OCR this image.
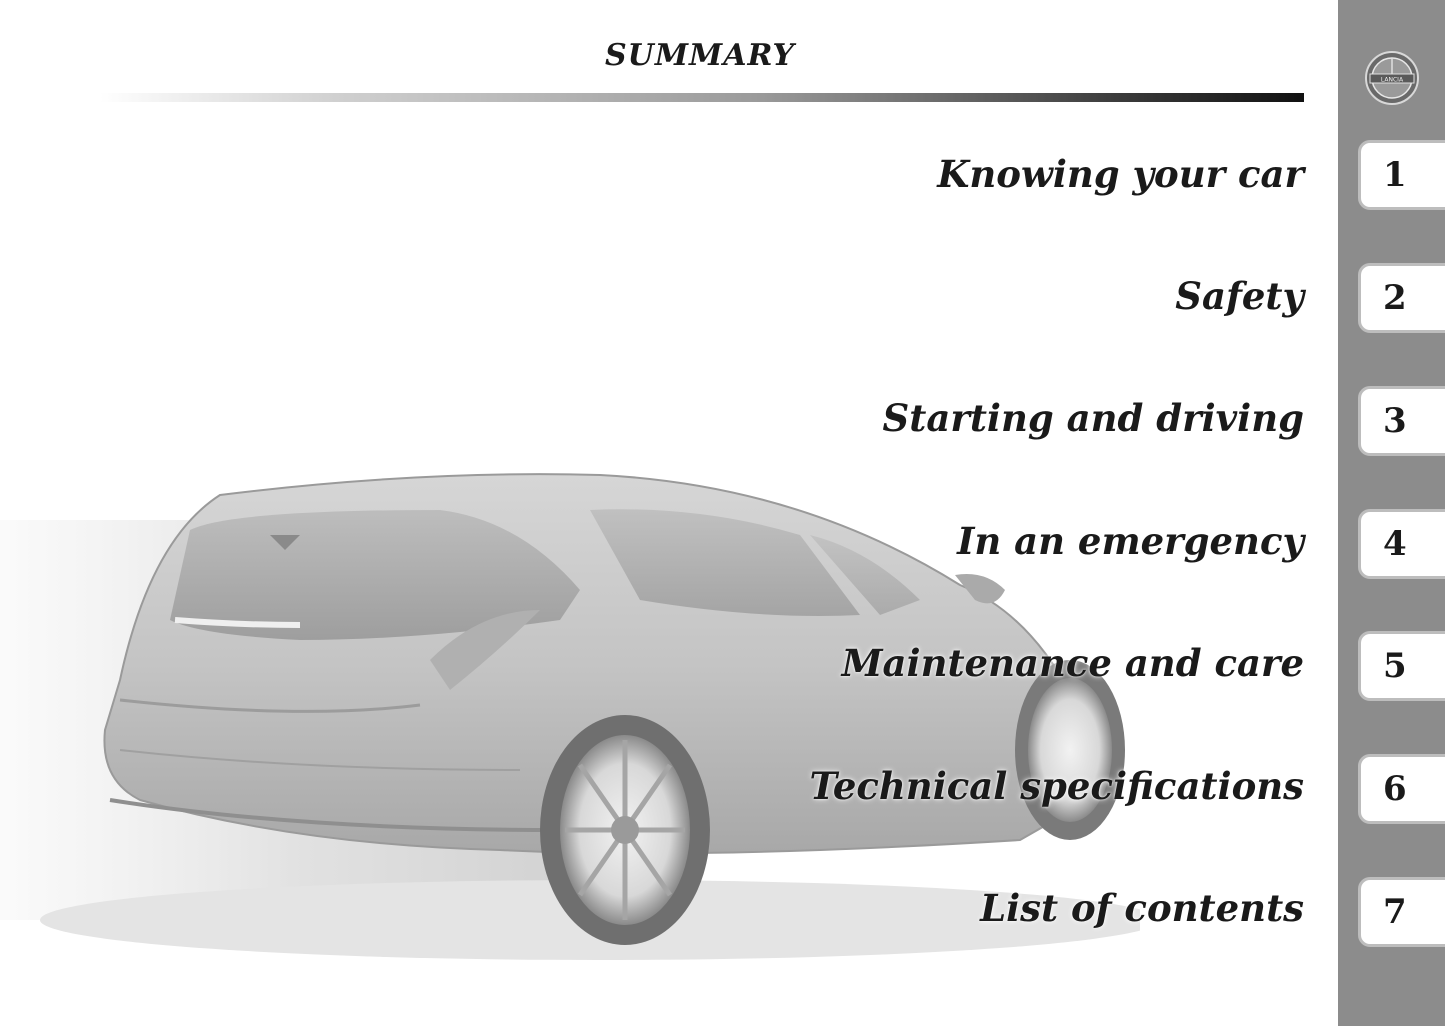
SUMMARY
Knowing your car
Safety
Starting and driving
In an emergency
Maintenance and care
Technical specifications
List of contents
LANCIA
1
2
3
4
5
6
7
